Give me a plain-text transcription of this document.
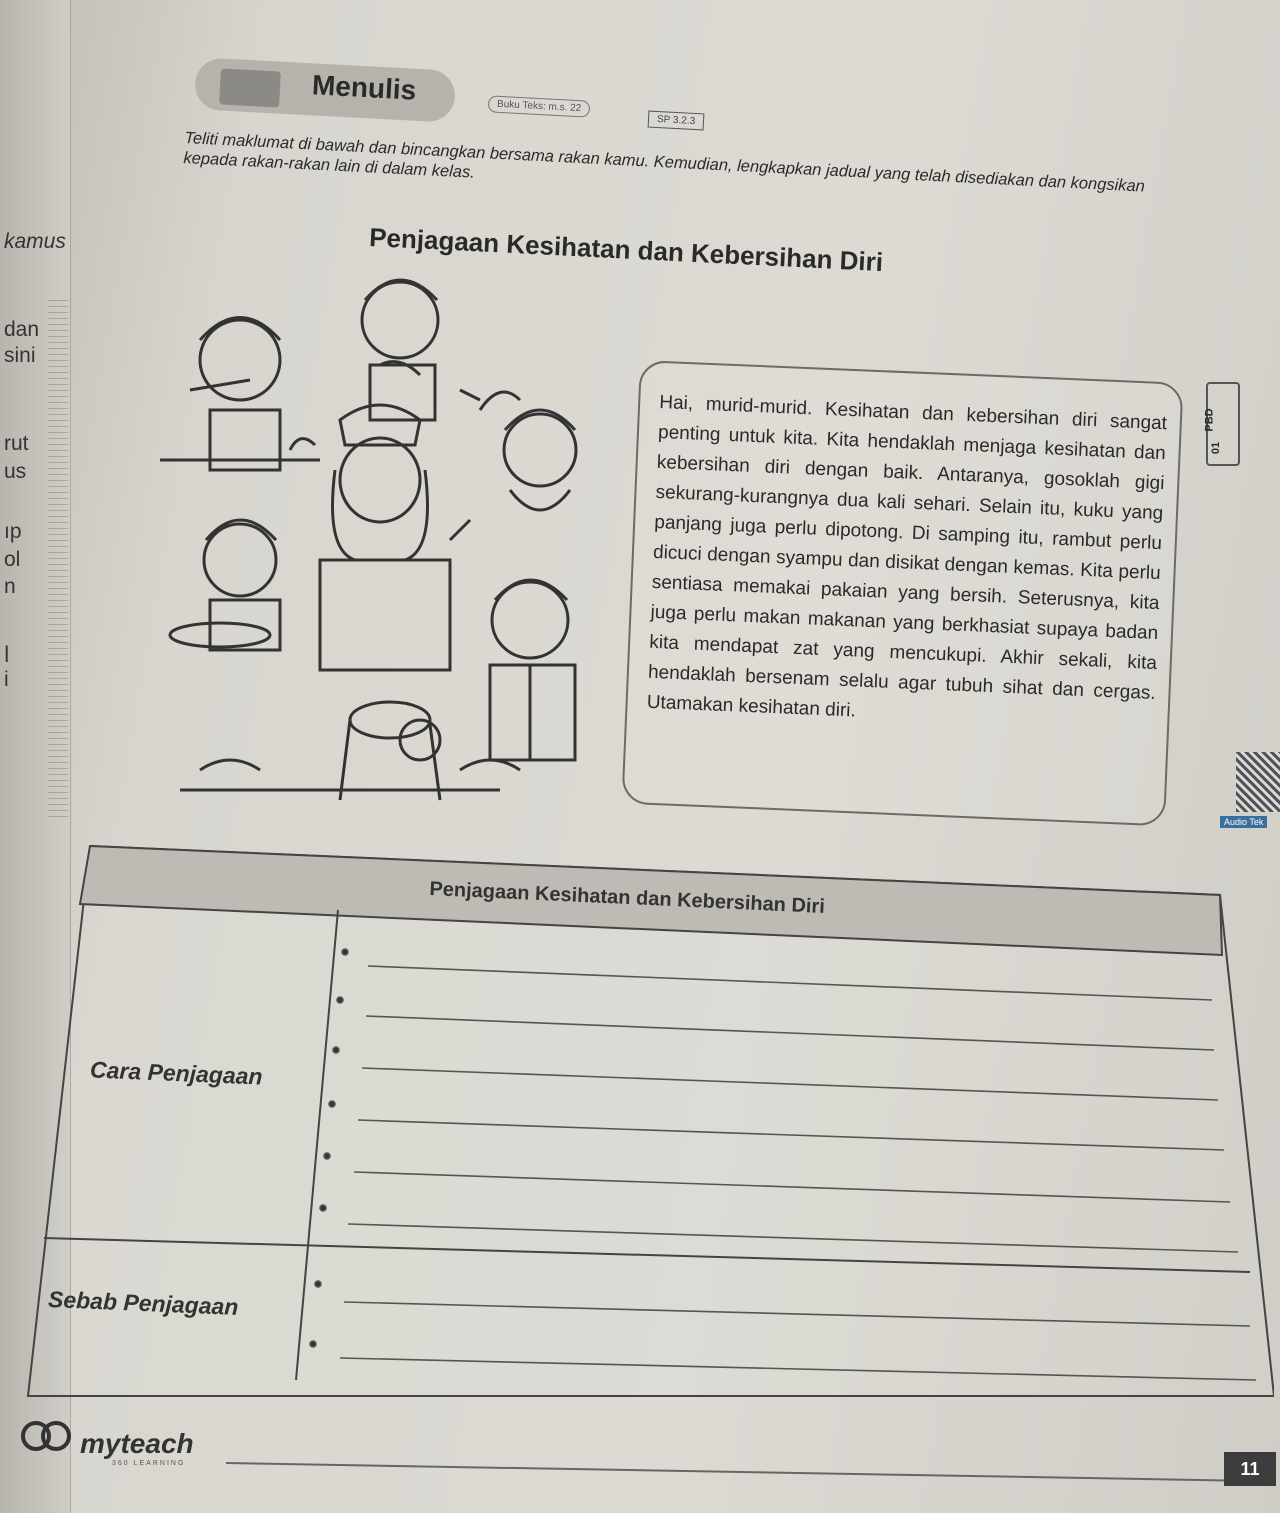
kamus
dan
sini
rut
us
ıp
ol
n
ן
i
Menulis
Buku Teks: m.s. 22
SP 3.2.3
Teliti maklumat di bawah dan bincangkan bersama rakan kamu. Kemudian, lengkapkan jadual yang telah disediakan dan kongsikan kepada rakan-rakan lain di dalam kelas.
Penjagaan Kesihatan dan Kebersihan Diri
Hai, murid-murid. Kesihatan dan kebersihan diri sangat penting untuk kita. Kita hendaklah menjaga kesihatan dan kebersihan diri dengan baik. Antaranya, gosoklah gigi sekurang-kurangnya dua kali sehari. Selain itu, kuku yang panjang juga perlu dipotong. Di samping itu, rambut perlu dicuci dengan syampu dan disikat dengan kemas. Kita perlu sentiasa memakai pakaian yang bersih. Seterusnya, kita juga perlu makan makanan yang berkhasiat supaya badan kita mendapat zat yang mencukupi. Akhir sekali, kita hendaklah bersenam selalu agar tubuh sihat dan cergas. Utamakan kesihatan diri.
PBD
01
Audio Tek
Penjagaan Kesihatan dan Kebersihan Diri
Cara Penjagaan
Sebab Penjagaan
myteach
360 LEARNING	11
